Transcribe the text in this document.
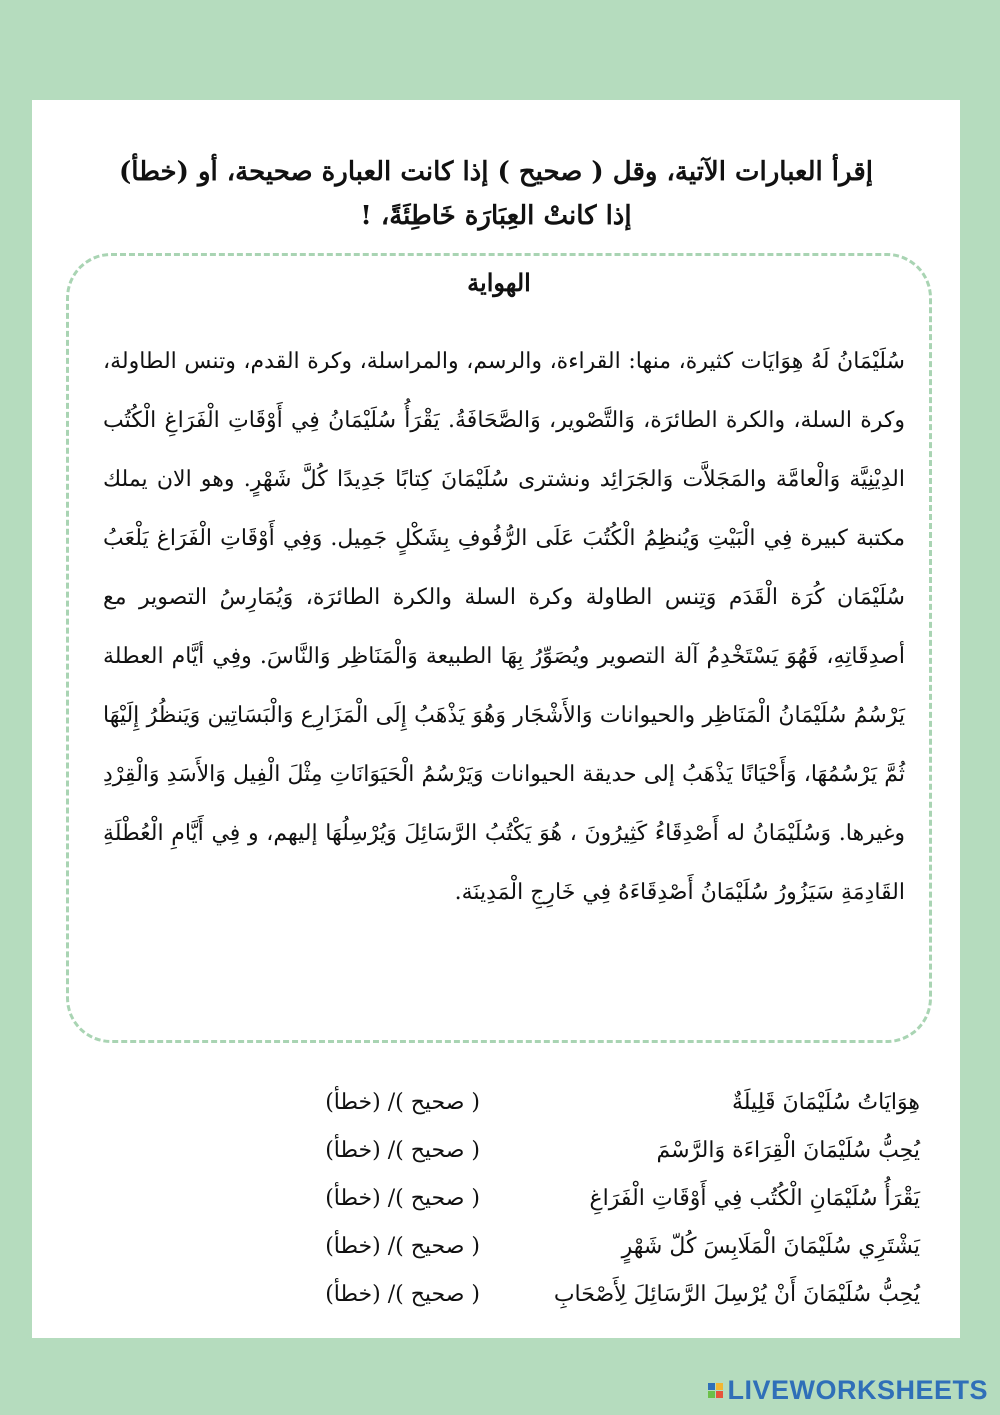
إقرأ العبارات الآتية، وقل ( صحيح ) إذا كانت العبارة صحيحة، أو (خطأ)
إذا كانتْ العِبَارَة خَاطِئَةً، !
الهواية
سُلَيْمَانُ لَهُ هِوَايَات كثيرة، منها: القراءة، والرسم، والمراسلة، وكرة القدم، وتنس الطاولة، وكرة السلة، والكرة الطائرَة، وَالتَّصْوير، وَالصَّحَافَةُ. يَقْرَأُ سُلَيْمَانُ فِي أَوْقَاتِ الْفَرَاغِ الْكُتُب الدِيْنِيَّة وَالْعامَّة والمَجَلاَّت وَالجَرَائِد ونشترى سُلَيْمَانَ كِتابًا جَدِيدًا كُلَّ شَهْرٍ. وهو الان يملك مكتبة كبيرة فِي الْبَيْتِ وَيُنظِمُ الْكُتُبَ عَلَى الرُّفُوفِ بِشَكْلٍ جَمِيل. وَفِي أَوْقَاتِ الْفَرَاغ يَلْعَبُ سُلَيْمَان كُرَة الْقَدَم وَتِنس الطاولة وكرة السلة والكرة الطائرَة، وَيُمَارِسُ التصوير مع أصدِقَاتِهِ، فَهُوَ يَسْتَخْدِمُ آلة التصوير ويُصَوِّرُ بِهَا الطبيعة وَالْمَنَاظِر وَالنَّاسَ. وفِي أيَّام العطلة يَرْسُمُ سُلَيْمَانُ الْمَنَاظِر والحيوانات وَالأَشْجَار وَهُوَ يَذْهَبُ إِلَى الْمَزَارِع وَالْبَسَاتِين وَيَنظُرُ إِلَيْهَا ثُمَّ يَرْسُمُهَا، وَأَحْيَانًا يَذْهَبُ إلى حديقة الحيوانات وَيَرْسُمُ الْحَيَوَانَاتِ مِثْلَ الْفِيل وَالأَسَدِ وَالْقِرْدِ وغيرها. وَسُلَيْمَانُ له أَصْدِقَاءُ كَثِيرُونَ ، هُوَ يَكْتُبُ الرَّسَائِلَ وَيُرْسِلُهَا إليهم، و فِي أَيَّامِ الْعُطْلَةِ القَادِمَةِ سَيَزُورُ سُلَيْمَانُ أَصْدِقَاءَهُ فِي خَارِجِ الْمَدِينَة.
هِوَايَاتُ سُلَيْمَانَ قَلِيلَةٌ
( صحيح )/ (خطأ)
يُحِبُّ سُلَيْمَانَ الْقِرَاءَة وَالرَّسْمَ
( صحيح )/ (خطأ)
يَقْرَأُ سُلَيْمَانِ الْكُتُب فِي أَوْقَاتِ الْفَرَاغِ
( صحيح )/ (خطأ)
يَشْتَرِي سُلَيْمَانَ الْمَلَابِسَ كُلّ شَهْرٍ
( صحيح )/ (خطأ)
يُحِبُّ سُلَيْمَانَ أَنْ يُرْسِلَ الرَّسَائِلَ لِأَصْحَابِ
( صحيح )/ (خطأ)
LIVEWORKSHEETS
